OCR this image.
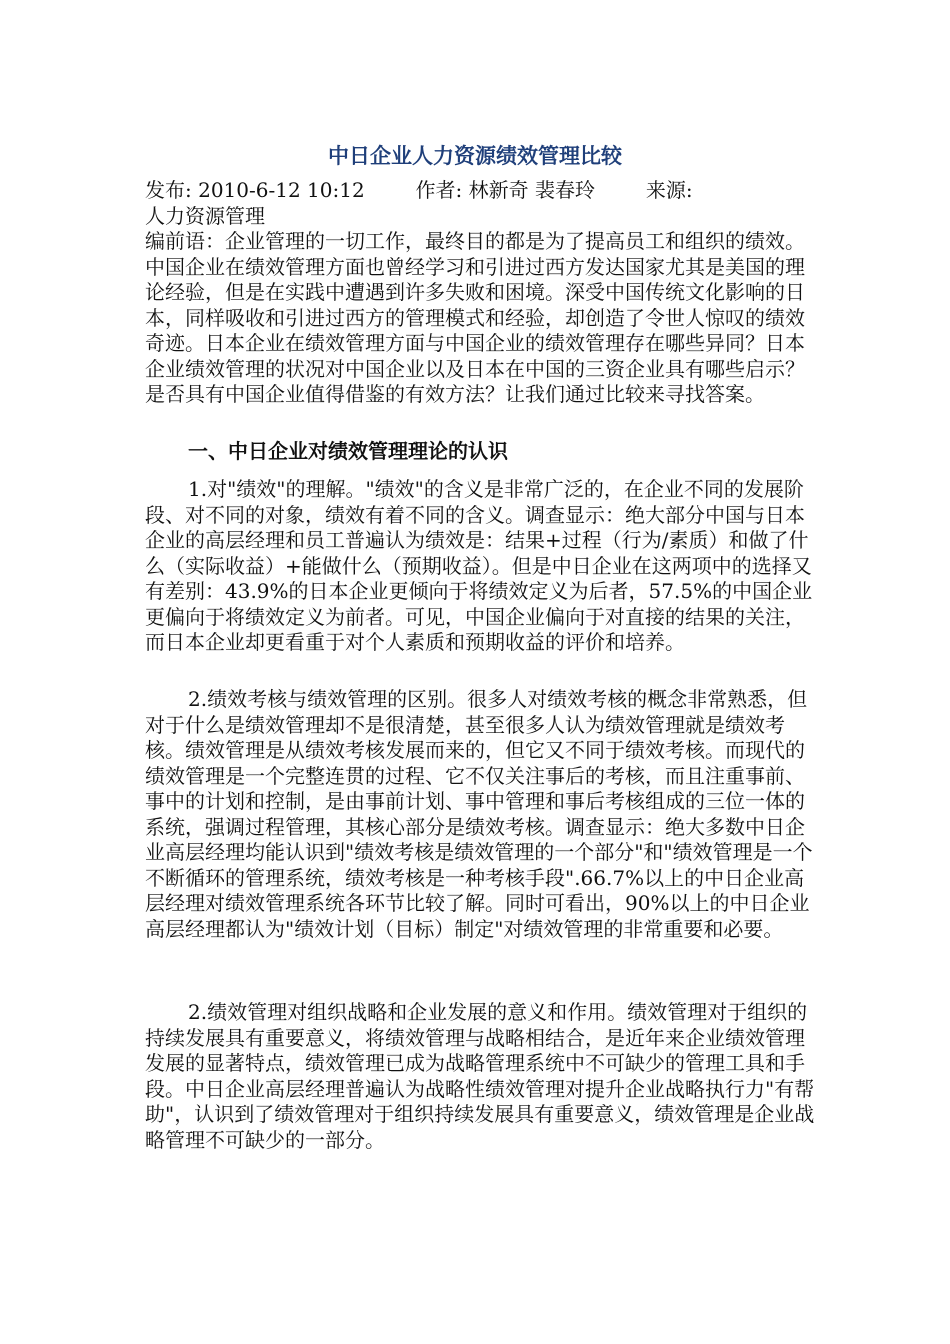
中日企业人力资源绩效管理比较
发布: 2010-6-12 10:12        作者: 林新奇 裴春玲        来源:
人力资源管理
编前语：企业管理的一切工作，最终目的都是为了提高员工和组织的绩效。中国企业在绩效管理方面也曾经学习和引进过西方发达国家尤其是美国的理论经验，但是在实践中遭遇到许多失败和困境。深受中国传统文化影响的日本，同样吸收和引进过西方的管理模式和经验，却创造了令世人惊叹的绩效奇迹。日本企业在绩效管理方面与中国企业的绩效管理存在哪些异同？日本企业绩效管理的状况对中国企业以及日本在中国的三资企业具有哪些启示？是否具有中国企业值得借鉴的有效方法？让我们通过比较来寻找答案。
一、中日企业对绩效管理理论的认识
1.对"绩效"的理解。"绩效"的含义是非常广泛的，在企业不同的发展阶段、对不同的对象，绩效有着不同的含义。调查显示：绝大部分中国与日本企业的高层经理和员工普遍认为绩效是：结果+过程（行为/素质）和做了什么（实际收益）+能做什么（预期收益）。但是中日企业在这两项中的选择又有差别：43.9%的日本企业更倾向于将绩效定义为后者，57.5%的中国企业更偏向于将绩效定义为前者。可见，中国企业偏向于对直接的结果的关注，而日本企业却更看重于对个人素质和预期收益的评价和培养。
2.绩效考核与绩效管理的区别。很多人对绩效考核的概念非常熟悉，但对于什么是绩效管理却不是很清楚，甚至很多人认为绩效管理就是绩效考核。绩效管理是从绩效考核发展而来的，但它又不同于绩效考核。而现代的绩效管理是一个完整连贯的过程、它不仅关注事后的考核，而且注重事前、事中的计划和控制，是由事前计划、事中管理和事后考核组成的三位一体的系统，强调过程管理，其核心部分是绩效考核。调查显示：绝大多数中日企业高层经理均能认识到"绩效考核是绩效管理的一个部分"和"绩效管理是一个不断循环的管理系统，绩效考核是一种考核手段".66.7%以上的中日企业高层经理对绩效管理系统各环节比较了解。同时可看出，90%以上的中日企业高层经理都认为"绩效计划（目标）制定"对绩效管理的非常重要和必要。
2.绩效管理对组织战略和企业发展的意义和作用。绩效管理对于组织的持续发展具有重要意义，将绩效管理与战略相结合，是近年来企业绩效管理发展的显著特点，绩效管理已成为战略管理系统中不可缺少的管理工具和手段。中日企业高层经理普遍认为战略性绩效管理对提升企业战略执行力"有帮助"，认识到了绩效管理对于组织持续发展具有重要意义，绩效管理是企业战略管理不可缺少的一部分。
